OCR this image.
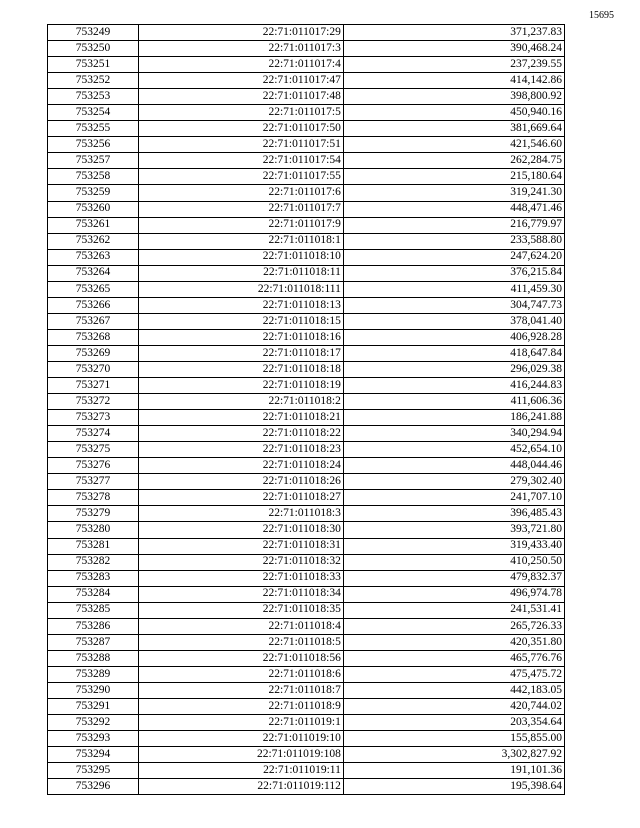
15695
753249	22:71:011017:29	371,237.83
753250	22:71:011017:3	390,468.24
753251	22:71:011017:4	237,239.55
753252	22:71:011017:47	414,142.86
753253	22:71:011017:48	398,800.92
753254	22:71:011017:5	450,940.16
753255	22:71:011017:50	381,669.64
753256	22:71:011017:51	421,546.60
753257	22:71:011017:54	262,284.75
753258	22:71:011017:55	215,180.64
753259	22:71:011017:6	319,241.30
753260	22:71:011017:7	448,471.46
753261	22:71:011017:9	216,779.97
753262	22:71:011018:1	233,588.80
753263	22:71:011018:10	247,624.20
753264	22:71:011018:11	376,215.84
753265	22:71:011018:111	411,459.30
753266	22:71:011018:13	304,747.73
753267	22:71:011018:15	378,041.40
753268	22:71:011018:16	406,928.28
753269	22:71:011018:17	418,647.84
753270	22:71:011018:18	296,029.38
753271	22:71:011018:19	416,244.83
753272	22:71:011018:2	411,606.36
753273	22:71:011018:21	186,241.88
753274	22:71:011018:22	340,294.94
753275	22:71:011018:23	452,654.10
753276	22:71:011018:24	448,044.46
753277	22:71:011018:26	279,302.40
753278	22:71:011018:27	241,707.10
753279	22:71:011018:3	396,485.43
753280	22:71:011018:30	393,721.80
753281	22:71:011018:31	319,433.40
753282	22:71:011018:32	410,250.50
753283	22:71:011018:33	479,832.37
753284	22:71:011018:34	496,974.78
753285	22:71:011018:35	241,531.41
753286	22:71:011018:4	265,726.33
753287	22:71:011018:5	420,351.80
753288	22:71:011018:56	465,776.76
753289	22:71:011018:6	475,475.72
753290	22:71:011018:7	442,183.05
753291	22:71:011018:9	420,744.02
753292	22:71:011019:1	203,354.64
753293	22:71:011019:10	155,855.00
753294	22:71:011019:108	3,302,827.92
753295	22:71:011019:11	191,101.36
753296	22:71:011019:112	195,398.64
